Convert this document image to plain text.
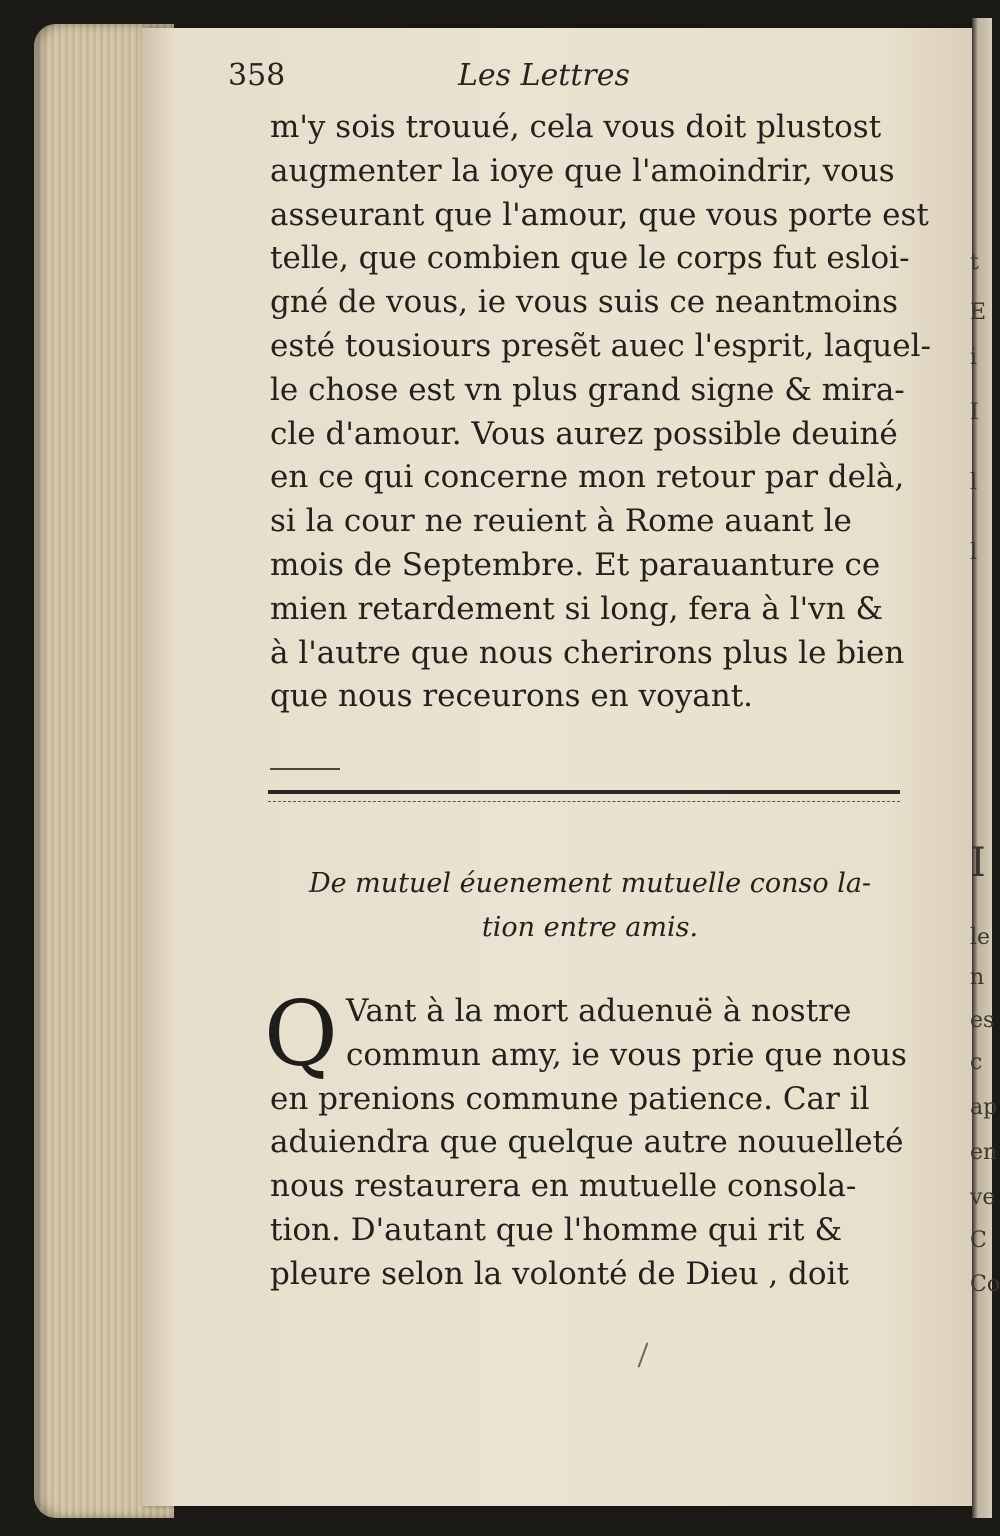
358	Les Lettres
m'y sois trouué, cela vous doit plustost
augmenter la ioye que l'amoindrir, vous
asseurant que l'amour, que vous porte est
telle, que combien que le corps fut esloi-
gné de vous, ie vous suis ce neantmoins
esté tousiours presẽt auec l'esprit, laquel-
le chose est vn plus grand signe & mira-
cle d'amour. Vous aurez possible deuiné
en ce qui concerne mon retour par delà,
si la cour ne reuient à Rome auant le
mois de Septembre. Et parauanture ce
mien retardement si long, fera à l'vn &
à l'autre que nous cherirons plus le bien
que nous receurons en voyant.
De mutuel éuenement mutuelle conso la-
tion entre amis.
Q Vant à la mort aduenuë à nostre
commun amy, ie vous prie que nous
en prenions commune patience. Car il
aduiendra que quelque autre nouuelleté
nous restaurera en mutuelle consola-
tion. D'autant que l'homme qui rit &
pleure selon la volonté de Dieu , doit
t
E
i
I
l
l
I
le
n
es
c
ap
en
ve
C
Co
